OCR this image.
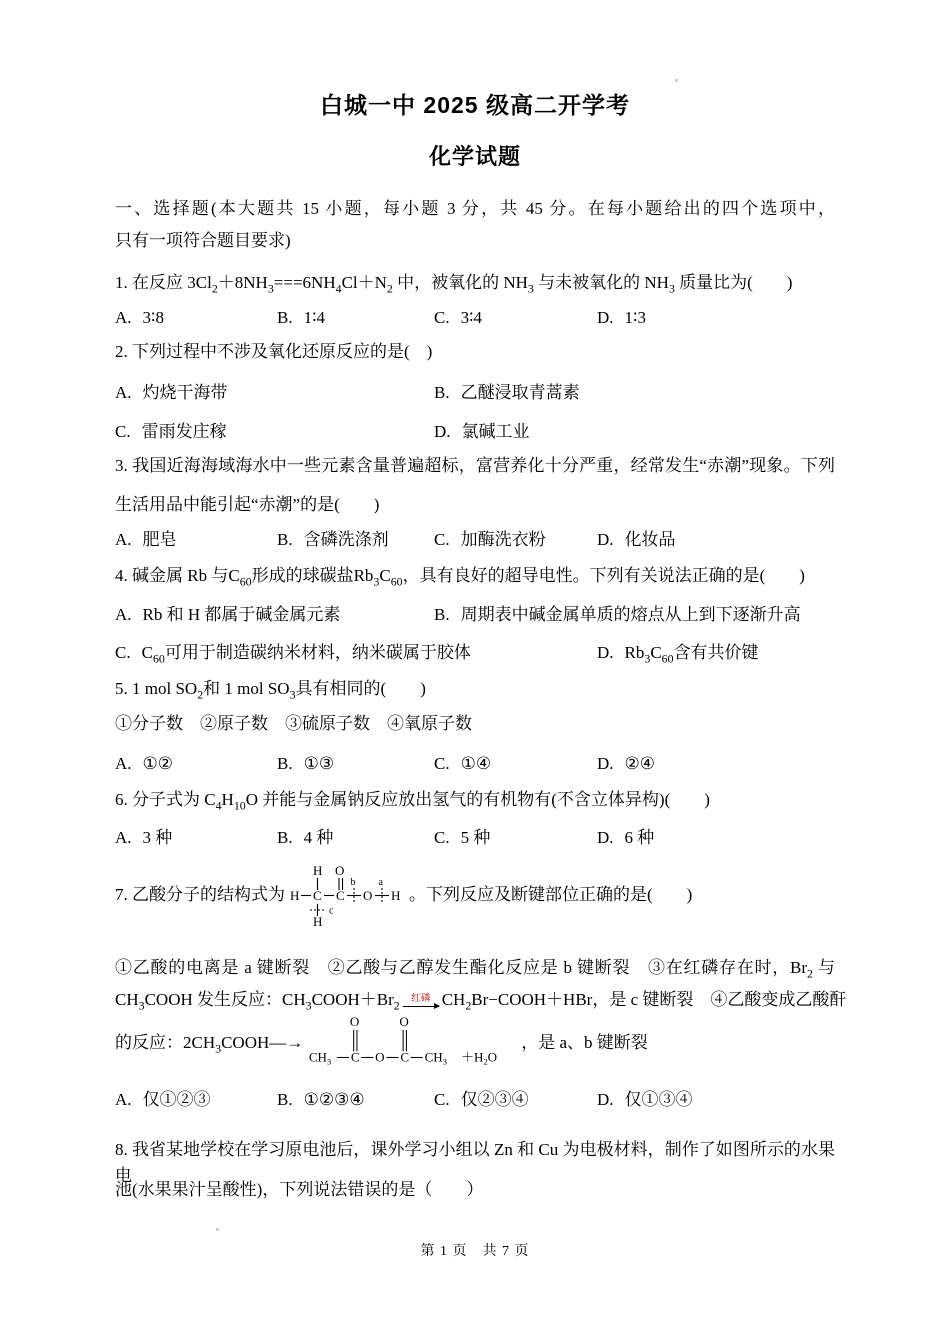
白城一中 2025 级高二开学考
化学试题
一、选择题(本大题共 15 小题，每小题 3 分，共 45 分。在每小题给出的四个选项中，
只有一项符合题目要求)
1. 在反应 $3Cl_2+8NH_3===6NH_4Cl+N_2$ 中，被氧化的 $NH_3$ 与未被氧化的 $NH_3$ 质量比为(　　)
A. 3∶8	B. 1∶4	C. 3∶4	D. 1∶3
2. 下列过程中不涉及氧化还原反应的是(　)
A. 灼烧干海带	B. 乙醚浸取青蒿素
C. 雷雨发庄稼	D. 氯碱工业
3. 我国近海海域海水中一些元素含量普遍超标，富营养化十分严重，经常发生“赤潮”现象。下列
生活用品中能引起“赤潮”的是(　　)
A. 肥皂	B. 含磷洗涤剂	C. 加酶洗衣粉	D. 化妆品
4. 碱金属 Rb 与$C_{60}$形成的球碳盐$Rb_3C_{60}$，具有良好的超导电性。下列有关说法正确的是(　　)
A. Rb 和 H 都属于碱金属元素	B. 周期表中碱金属单质的熔点从上到下逐渐升高
C. $C_{60}$可用于制造碳纳米材料，纳米碳属于胶体	D. $Rb_3C_{60}$含有共价键
5. 1 mol $SO_2$和 1 mol $SO_3$具有相同的(　　)
①分子数　②原子数　③硫原子数　④氧原子数
A. ①②	B. ①③	C. ①④	D. ②④
6. 分子式为 $C_4H_{10}O$ 并能与金属钠反应放出氢气的有机物有(不含立体异构)(　　)
A. 3 种	B. 4 种	C. 5 种	D. 6 种
7. 乙酸分子的结构式为 H C C O H
H O
H
b a
c
。下列反应及断键部位正确的是(　　)
①乙酸的电离是 a 键断裂　②乙酸与乙醇发生酯化反应是 b 键断裂　③在红磷存在时，$Br_2$ 与
$CH_3COOH$ 发生反应：$CH_3COOH+Br_2$
红磷 $CH_2Br-COOH+HBr$，是 c 键断裂　④乙酸变成乙酸酐
的反应：$2CH_3COOH—\to$
$CH_3$ C
O
O C
O
$CH_3 +H_2O$
，是 a、b 键断裂
A. 仅①②③	B. ①②③④	C. 仅②③④	D. 仅①③④
8. 我省某地学校在学习原电池后，课外学习小组以 Zn 和 Cu 为电极材料，制作了如图所示的水果电
池(水果果汁呈酸性)，下列说法错误的是（　　）
第 1 页　共 7 页
